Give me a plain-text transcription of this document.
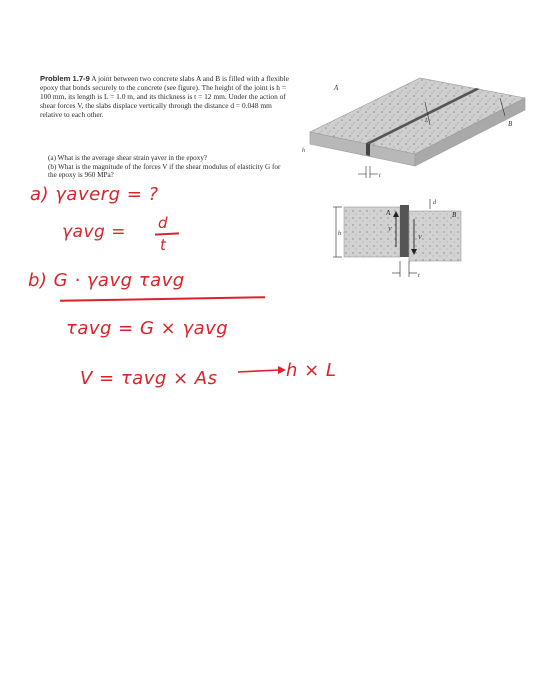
Problem 1.7-9 A joint between two concrete slabs A and B is filled with a flexible epoxy that bonds securely to the concrete (see figure). The height of the joint is h = 100 mm, its length is L = 1.0 m, and its thickness is t = 12 mm. Under the action of shear forces V, the slabs displace vertically through the distance d = 0.048 mm relative to each other.
(a) What is the average shear strain γaver in the epoxy?
(b) What is the magnitude of the forces V if the shear modulus of elasticity G for the epoxy is 960 MPa?
A
B
h
L
t
V
V
A	B
h
d
t
a) γaverg = ?
γavg = d
t
b) G · γavg τavg
τavg = G × γavg
V = τavg × As	h × L
